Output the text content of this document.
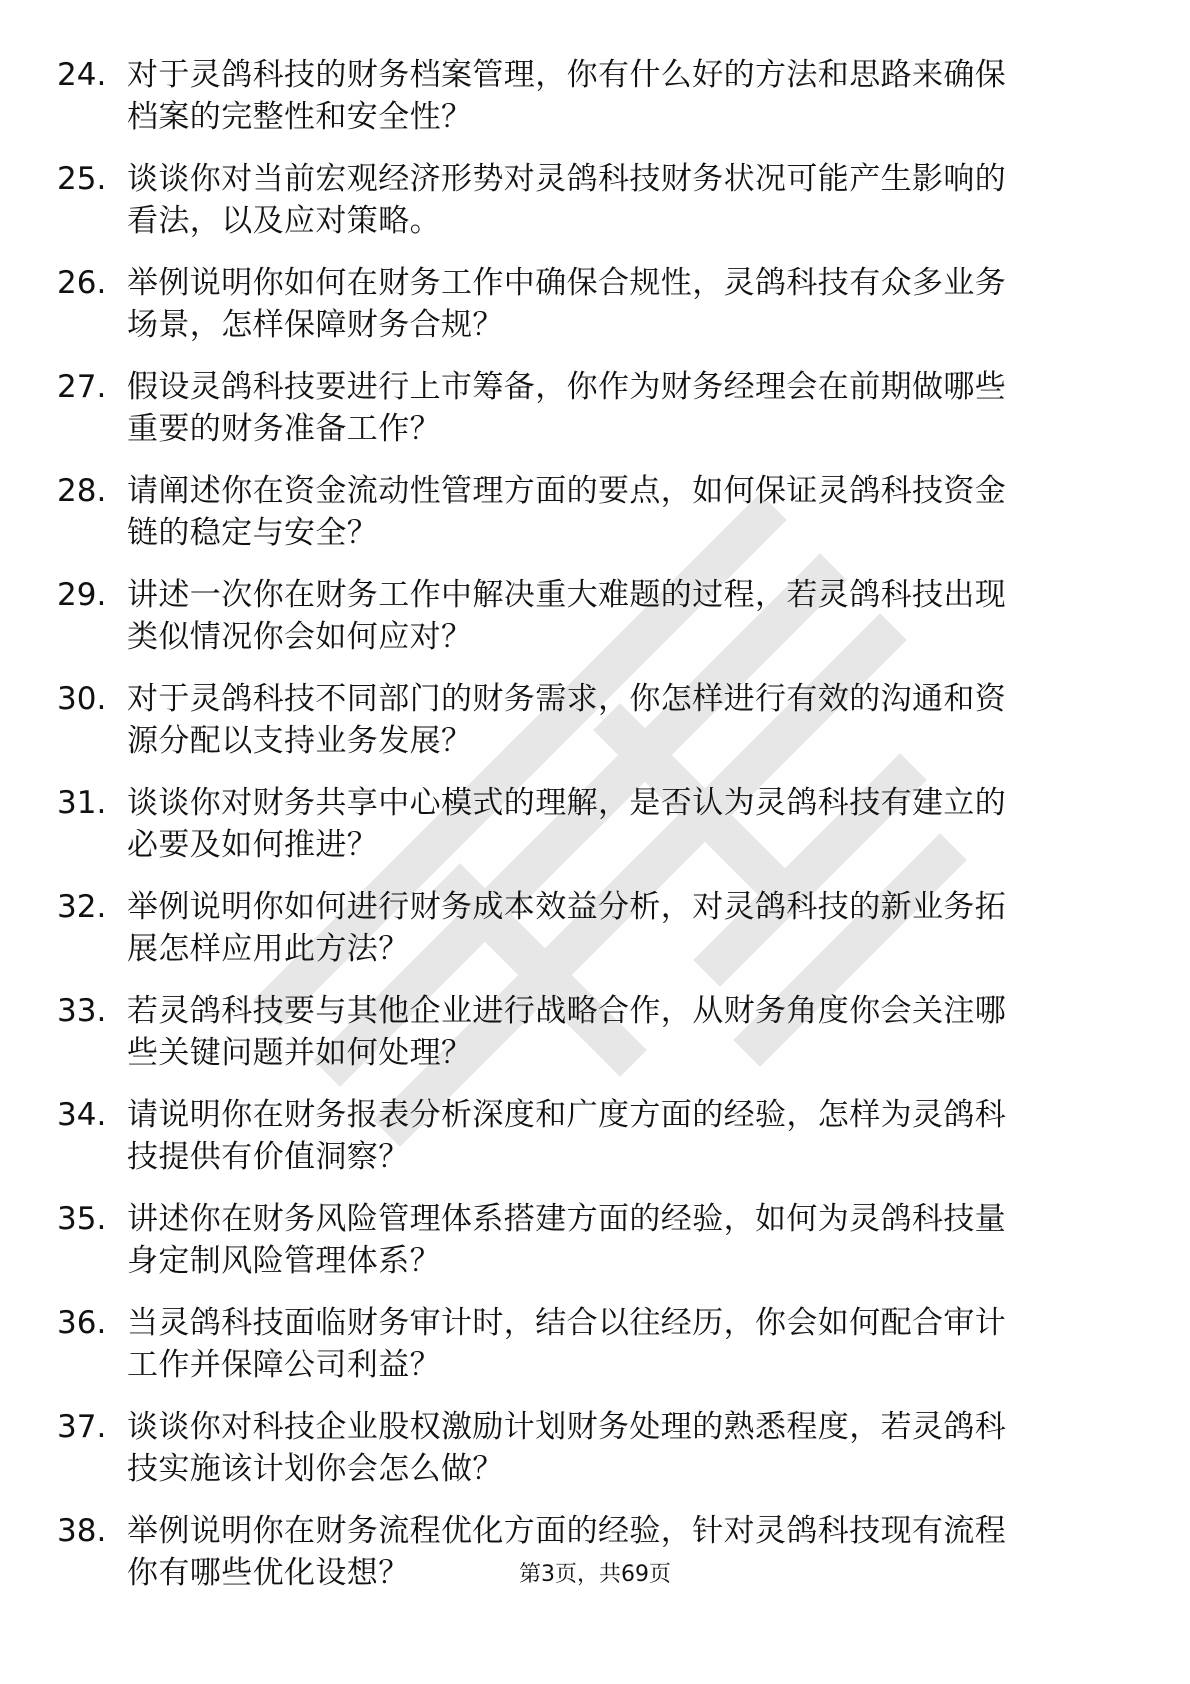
24. 对于灵鸽科技的财务档案管理，你有什么好的方法和思路来确保
档案的完整性和安全性？
25. 谈谈你对当前宏观经济形势对灵鸽科技财务状况可能产生影响的
看法，以及应对策略。
26. 举例说明你如何在财务工作中确保合规性，灵鸽科技有众多业务
场景，怎样保障财务合规？
27. 假设灵鸽科技要进行上市筹备，你作为财务经理会在前期做哪些
重要的财务准备工作？
28. 请阐述你在资金流动性管理方面的要点，如何保证灵鸽科技资金
链的稳定与安全？
29. 讲述一次你在财务工作中解决重大难题的过程，若灵鸽科技出现
类似情况你会如何应对？
30. 对于灵鸽科技不同部门的财务需求，你怎样进行有效的沟通和资
源分配以支持业务发展？
31. 谈谈你对财务共享中心模式的理解，是否认为灵鸽科技有建立的
必要及如何推进？
32. 举例说明你如何进行财务成本效益分析，对灵鸽科技的新业务拓
展怎样应用此方法？
33. 若灵鸽科技要与其他企业进行战略合作，从财务角度你会关注哪
些关键问题并如何处理？
34. 请说明你在财务报表分析深度和广度方面的经验，怎样为灵鸽科
技提供有价值洞察？
35. 讲述你在财务风险管理体系搭建方面的经验，如何为灵鸽科技量
身定制风险管理体系？
36. 当灵鸽科技面临财务审计时，结合以往经历，你会如何配合审计
工作并保障公司利益？
37. 谈谈你对科技企业股权激励计划财务处理的熟悉程度，若灵鸽科
技实施该计划你会怎么做？
38. 举例说明你在财务流程优化方面的经验，针对灵鸽科技现有流程
你有哪些优化设想？	第3页，共69页
